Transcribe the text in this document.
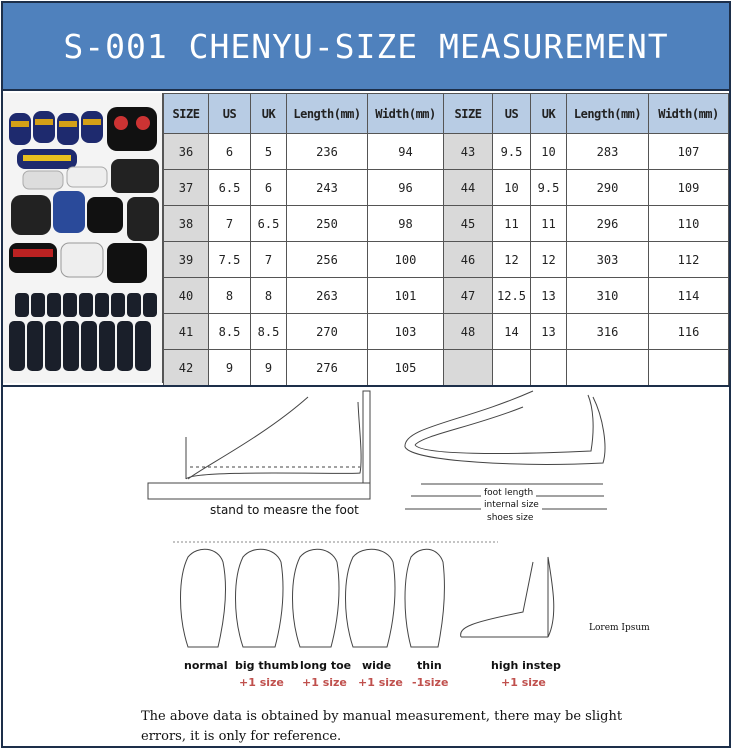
S-001 CHENYU-SIZE MEASUREMENT
SIZE	US	UK	Length(mm)	Width(mm)	SIZE	US	UK	Length(mm)	Width(mm)
36	6	5	236	94	43	9.5	10	283	107
37	6.5	6	243	96	44	10	9.5	290	109
38	7	6.5	250	98	45	11	11	296	110
39	7.5	7	256	100	46	12	12	303	112
40	8	8	263	101	47	12.5	13	310	114
41	8.5	8.5	270	103	48	14	13	316	116
42	9	9	276	105					
stand to measre the foot
foot length
internal size
shoes size
normal big thumb
+1 size
long toe
+1 size
wide
+1 size
thin
-1size
high instep
+1 size
Lorem Ipsum
The above data is obtained by manual measurement, there may be slight
errors, it is only for reference.
